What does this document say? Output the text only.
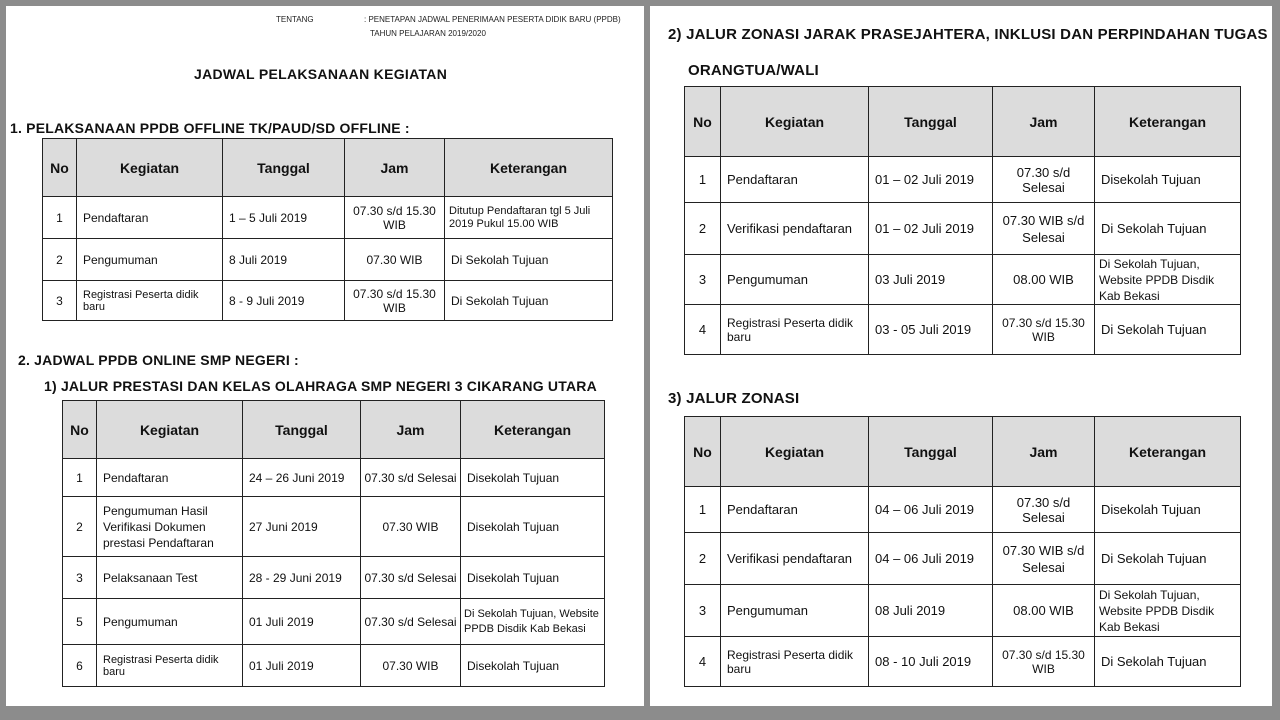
TENTANG	: PENETAPAN JADWAL PENERIMAAN PESERTA DIDIK BARU (PPDB)
TAHUN PELAJARAN 2019/2020
JADWAL PELAKSANAAN KEGIATAN
1. PELAKSANAAN PPDB OFFLINE TK/PAUD/SD OFFLINE :
No	Kegiatan	Tanggal	Jam	Keterangan
1	Pendaftaran	1 – 5 Juli 2019	07.30 s/d 15.30 WIB	Ditutup Pendaftaran tgl 5 Juli 2019 Pukul 15.00 WIB
2	Pengumuman	8 Juli 2019	07.30 WIB	Di Sekolah Tujuan
3	Registrasi Peserta didik baru	8 - 9 Juli 2019	07.30 s/d 15.30 WIB	Di Sekolah Tujuan
2. JADWAL PPDB ONLINE SMP NEGERI :
1) JALUR PRESTASI DAN KELAS OLAHRAGA SMP NEGERI 3 CIKARANG UTARA
No	Kegiatan	Tanggal	Jam	Keterangan
1	Pendaftaran	24 – 26 Juni 2019	07.30 s/d Selesai	Disekolah Tujuan
2	Pengumuman Hasil Verifikasi Dokumen prestasi Pendaftaran	27 Juni 2019	07.30 WIB	Disekolah Tujuan
3	Pelaksanaan Test	28 - 29 Juni 2019	07.30 s/d Selesai	Disekolah Tujuan
5	Pengumuman	01 Juli 2019	07.30 s/d Selesai	Di Sekolah Tujuan, Website PPDB Disdik Kab Bekasi
6	Registrasi Peserta didik baru	01 Juli 2019	07.30 WIB	Disekolah Tujuan
2) JALUR ZONASI JARAK PRASEJAHTERA, INKLUSI DAN PERPINDAHAN TUGAS
ORANGTUA/WALI
No	Kegiatan	Tanggal	Jam	Keterangan
1	Pendaftaran	01 – 02 Juli 2019	07.30 s/d Selesai	Disekolah Tujuan
2	Verifikasi pendaftaran	01 – 02 Juli 2019	07.30 WIB s/d Selesai	Di Sekolah Tujuan
3	Pengumuman	03 Juli 2019	08.00 WIB	Di Sekolah Tujuan, Website PPDB Disdik Kab Bekasi
4	Registrasi Peserta didik baru	03 - 05 Juli 2019	07.30 s/d 15.30 WIB	Di Sekolah Tujuan
3) JALUR ZONASI
No	Kegiatan	Tanggal	Jam	Keterangan
1	Pendaftaran	04 – 06 Juli 2019	07.30 s/d Selesai	Disekolah Tujuan
2	Verifikasi pendaftaran	04 – 06 Juli 2019	07.30 WIB s/d Selesai	Di Sekolah Tujuan
3	Pengumuman	08 Juli 2019	08.00 WIB	Di Sekolah Tujuan, Website PPDB Disdik Kab Bekasi
4	Registrasi Peserta didik baru	08 - 10 Juli 2019	07.30 s/d 15.30 WIB	Di Sekolah Tujuan
